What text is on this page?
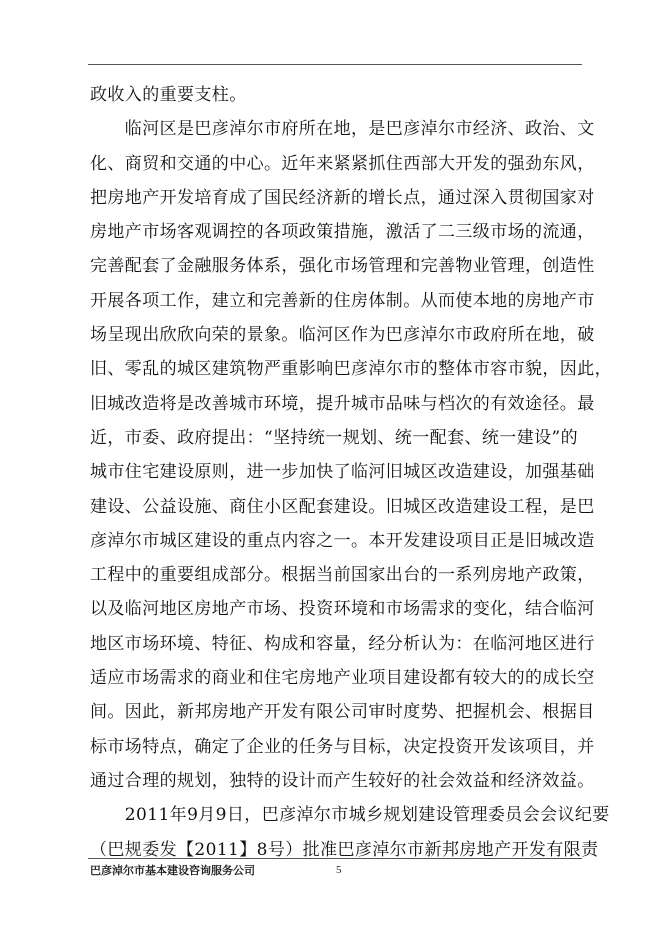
政收入的重要支柱。
　　临河区是巴彦淖尔市府所在地，是巴彦淖尔市经济、政治、文
化、商贸和交通的中心。近年来紧紧抓住西部大开发的强劲东风，
把房地产开发培育成了国民经济新的增长点，通过深入贯彻国家对
房地产市场客观调控的各项政策措施，激活了二三级市场的流通，
完善配套了金融服务体系，强化市场管理和完善物业管理，创造性
开展各项工作，建立和完善新的住房体制。从而使本地的房地产市
场呈现出欣欣向荣的景象。临河区作为巴彦淖尔市政府所在地，破
旧、零乱的城区建筑物严重影响巴彦淖尔市的整体市容市貌，因此，
旧城改造将是改善城市环境，提升城市品味与档次的有效途径。最
近，市委、政府提出：“坚持统一规划、统一配套、统一建设”的
城市住宅建设原则，进一步加快了临河旧城区改造建设，加强基础
建设、公益设施、商住小区配套建设。旧城区改造建设工程，是巴
彦淖尔市城区建设的重点内容之一。本开发建设项目正是旧城改造
工程中的重要组成部分。根据当前国家出台的一系列房地产政策，
以及临河地区房地产市场、投资环境和市场需求的变化，结合临河
地区市场环境、特征、构成和容量，经分析认为：在临河地区进行
适应市场需求的商业和住宅房地产业项目建设都有较大的的成长空
间。因此，新邦房地产开发有限公司审时度势、把握机会、根据目
标市场特点，确定了企业的任务与目标，决定投资开发该项目，并
通过合理的规划，独特的设计而产生较好的社会效益和经济效益。
　　2011年9月9日，巴彦淖尔市城乡规划建设管理委员会会议纪要
（巴规委发【2011】8号）批准巴彦淖尔市新邦房地产开发有限责
巴彦淖尔市基本建设咨询服务公司	5
